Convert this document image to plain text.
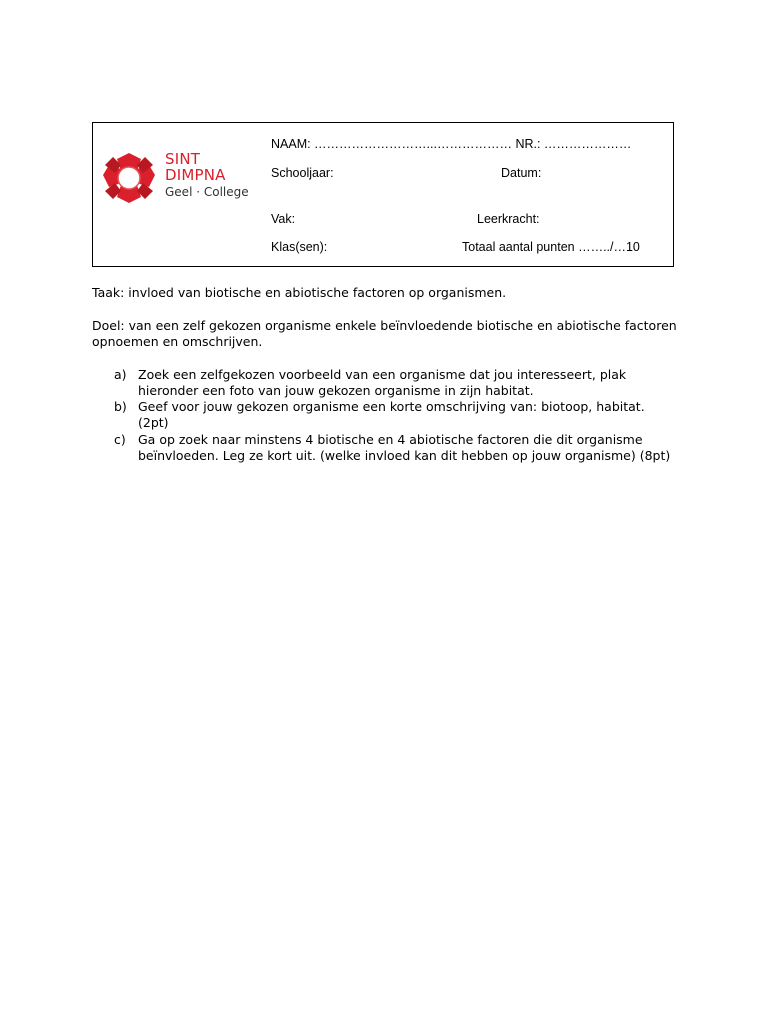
SINT
DIMPNA
Geel · College
NAAM: ………………………...……………… NR.: …………………
Schooljaar:	Datum:
Vak:	Leerkracht:
Klas(sen):	Totaal aantal punten ……../…10
Taak: invloed van biotische en abiotische factoren op organismen.
Doel: van een zelf gekozen organisme enkele beïnvloedende biotische en abiotische factoren opnoemen en omschrijven.
a) Zoek een zelfgekozen voorbeeld van een organisme dat jou interesseert, plak hieronder een foto van jouw gekozen organisme in zijn habitat.
b) Geef voor jouw gekozen organisme een korte omschrijving van: biotoop, habitat. (2pt)
c) Ga op zoek naar minstens 4 biotische en 4 abiotische factoren die dit organisme beïnvloeden. Leg ze kort uit. (welke invloed kan dit hebben op jouw organisme) (8pt)
